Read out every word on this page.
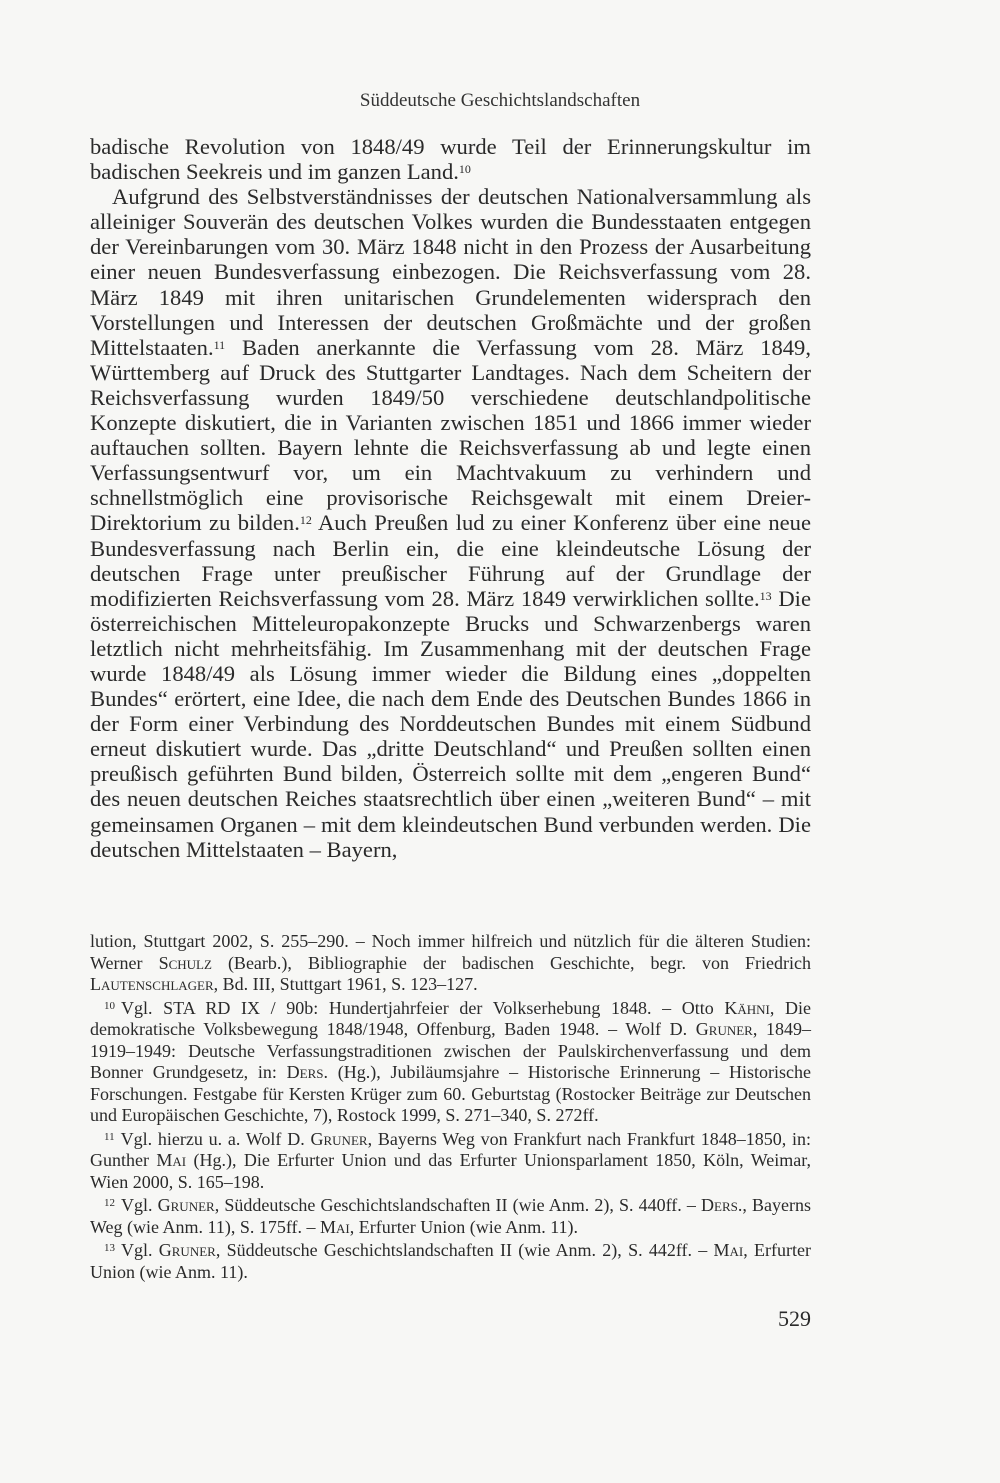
Süddeutsche Geschichtslandschaften

badische Revolution von 1848/49 wurde Teil der Erinnerungskultur im badischen Seekreis und im ganzen Land.$^{10}$

Aufgrund des Selbstverständnisses der deutschen Nationalversammlung als alleiniger Souverän des deutschen Volkes wurden die Bundesstaaten entgegen der Vereinbarungen vom 30. März 1848 nicht in den Prozess der Ausarbeitung einer neuen Bundesverfassung einbezogen. Die Reichsverfassung vom 28. März 1849 mit ihren unitarischen Grundelementen widersprach den Vorstellungen und Interessen der deutschen Großmächte und der großen Mittelstaaten.$^{11}$ Baden anerkannte die Verfassung vom 28. März 1849, Württemberg auf Druck des Stuttgarter Landtages. Nach dem Scheitern der Reichsverfassung wurden 1849/50 verschiedene deutschlandpolitische Konzepte diskutiert, die in Varianten zwischen 1851 und 1866 immer wieder auftauchen sollten. Bayern lehnte die Reichsverfassung ab und legte einen Verfassungsentwurf vor, um ein Machtvakuum zu verhindern und schnellstmöglich eine provisorische Reichsgewalt mit einem Dreier-Direktorium zu bilden.$^{12}$ Auch Preußen lud zu einer Konferenz über eine neue Bundesverfassung nach Berlin ein, die eine kleindeutsche Lösung der deutschen Frage unter preußischer Führung auf der Grundlage der modifizierten Reichsverfassung vom 28. März 1849 verwirklichen sollte.$^{13}$ Die österreichischen Mitteleuropakonzepte Brucks und Schwarzenbergs waren letztlich nicht mehrheitsfähig. Im Zusammenhang mit der deutschen Frage wurde 1848/49 als Lösung immer wieder die Bildung eines „doppelten Bundes“ erörtert, eine Idee, die nach dem Ende des Deutschen Bundes 1866 in der Form einer Verbindung des Norddeutschen Bundes mit einem Südbund erneut diskutiert wurde. Das „dritte Deutschland“ und Preußen sollten einen preußisch geführten Bund bilden, Österreich sollte mit dem „engeren Bund“ des neuen deutschen Reiches staatsrechtlich über einen „weiteren Bund“ – mit gemeinsamen Organen – mit dem kleindeutschen Bund verbunden werden. Die deutschen Mittelstaaten – Bayern,

lution, Stuttgart 2002, S. 255–290. – Noch immer hilfreich und nützlich für die älteren Studien: Werner Schulz (Bearb.), Bibliographie der badischen Geschichte, begr. von Friedrich Lautenschlager, Bd. III, Stuttgart 1961, S. 123–127.

$^{10}$ Vgl. STA RD IX / 90b: Hundertjahrfeier der Volkserhebung 1848. – Otto Kähni, Die demokratische Volksbewegung 1848/1948, Offenburg, Baden 1948. – Wolf D. Gruner, 1849–1919–1949: Deutsche Verfassungstraditionen zwischen der Paulskirchenverfassung und dem Bonner Grundgesetz, in: Ders. (Hg.), Jubiläumsjahre – Historische Erinnerung – Historische Forschungen. Festgabe für Kersten Krüger zum 60. Geburtstag (Rostocker Beiträge zur Deutschen und Europäischen Geschichte, 7), Rostock 1999, S. 271–340, S. 272ff.

$^{11}$ Vgl. hierzu u. a. Wolf D. Gruner, Bayerns Weg von Frankfurt nach Frankfurt 1848–1850, in: Gunther Mai (Hg.), Die Erfurter Union und das Erfurter Unionsparlament 1850, Köln, Weimar, Wien 2000, S. 165–198.

$^{12}$ Vgl. Gruner, Süddeutsche Geschichtslandschaften II (wie Anm. 2), S. 440ff. – Ders., Bayerns Weg (wie Anm. 11), S. 175ff. – Mai, Erfurter Union (wie Anm. 11).

$^{13}$ Vgl. Gruner, Süddeutsche Geschichtslandschaften II (wie Anm. 2), S. 442ff. – Mai, Erfurter Union (wie Anm. 11).

529
